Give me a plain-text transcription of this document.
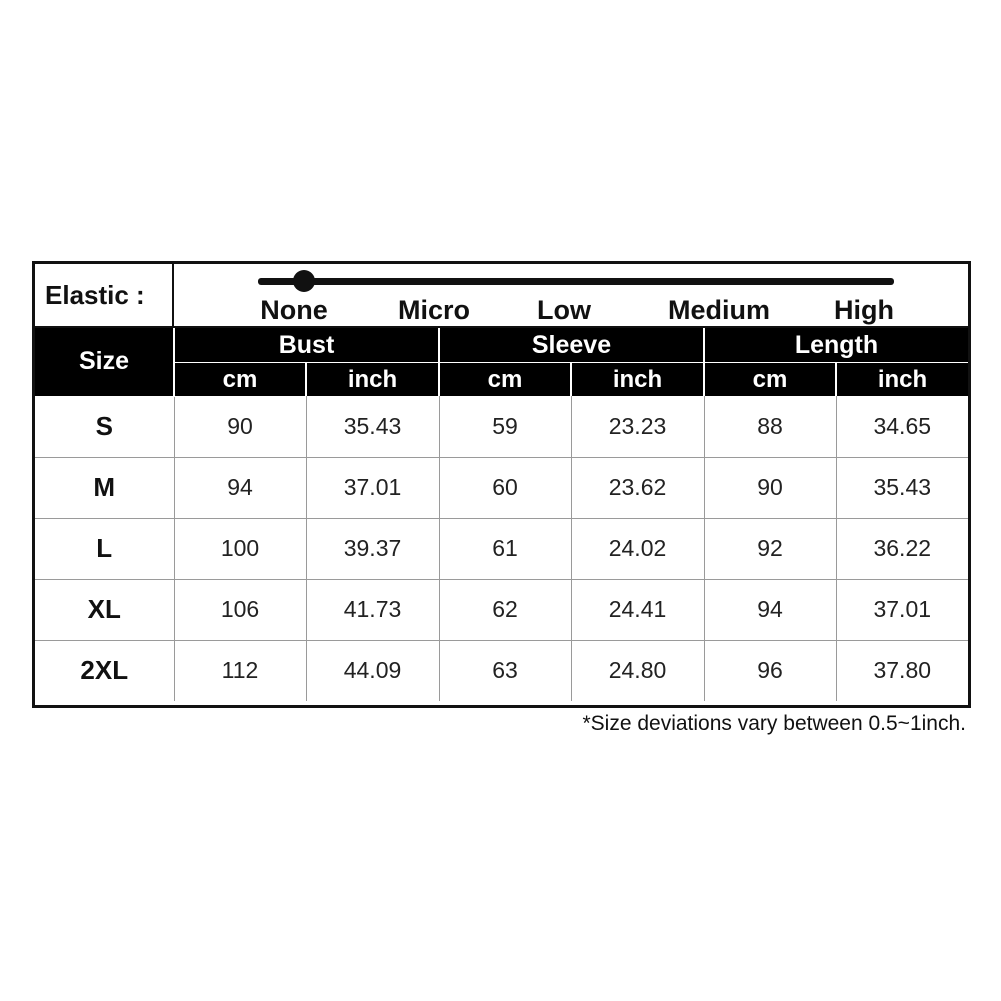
Elastic :	None	Micro Low	Medium High
Size	Bust		Sleeve		Length	
	cm	inch	cm	inch	cm	inch
S	90	35.43	59	23.23	88	34.65
M	94	37.01	60	23.62	90	35.43
L	100	39.37	61	24.02	92	36.22
XL	106	41.73	62	24.41	94	37.01
2XL	112	44.09	63	24.80	96	37.80
*Size deviations vary between 0.5~1inch.
